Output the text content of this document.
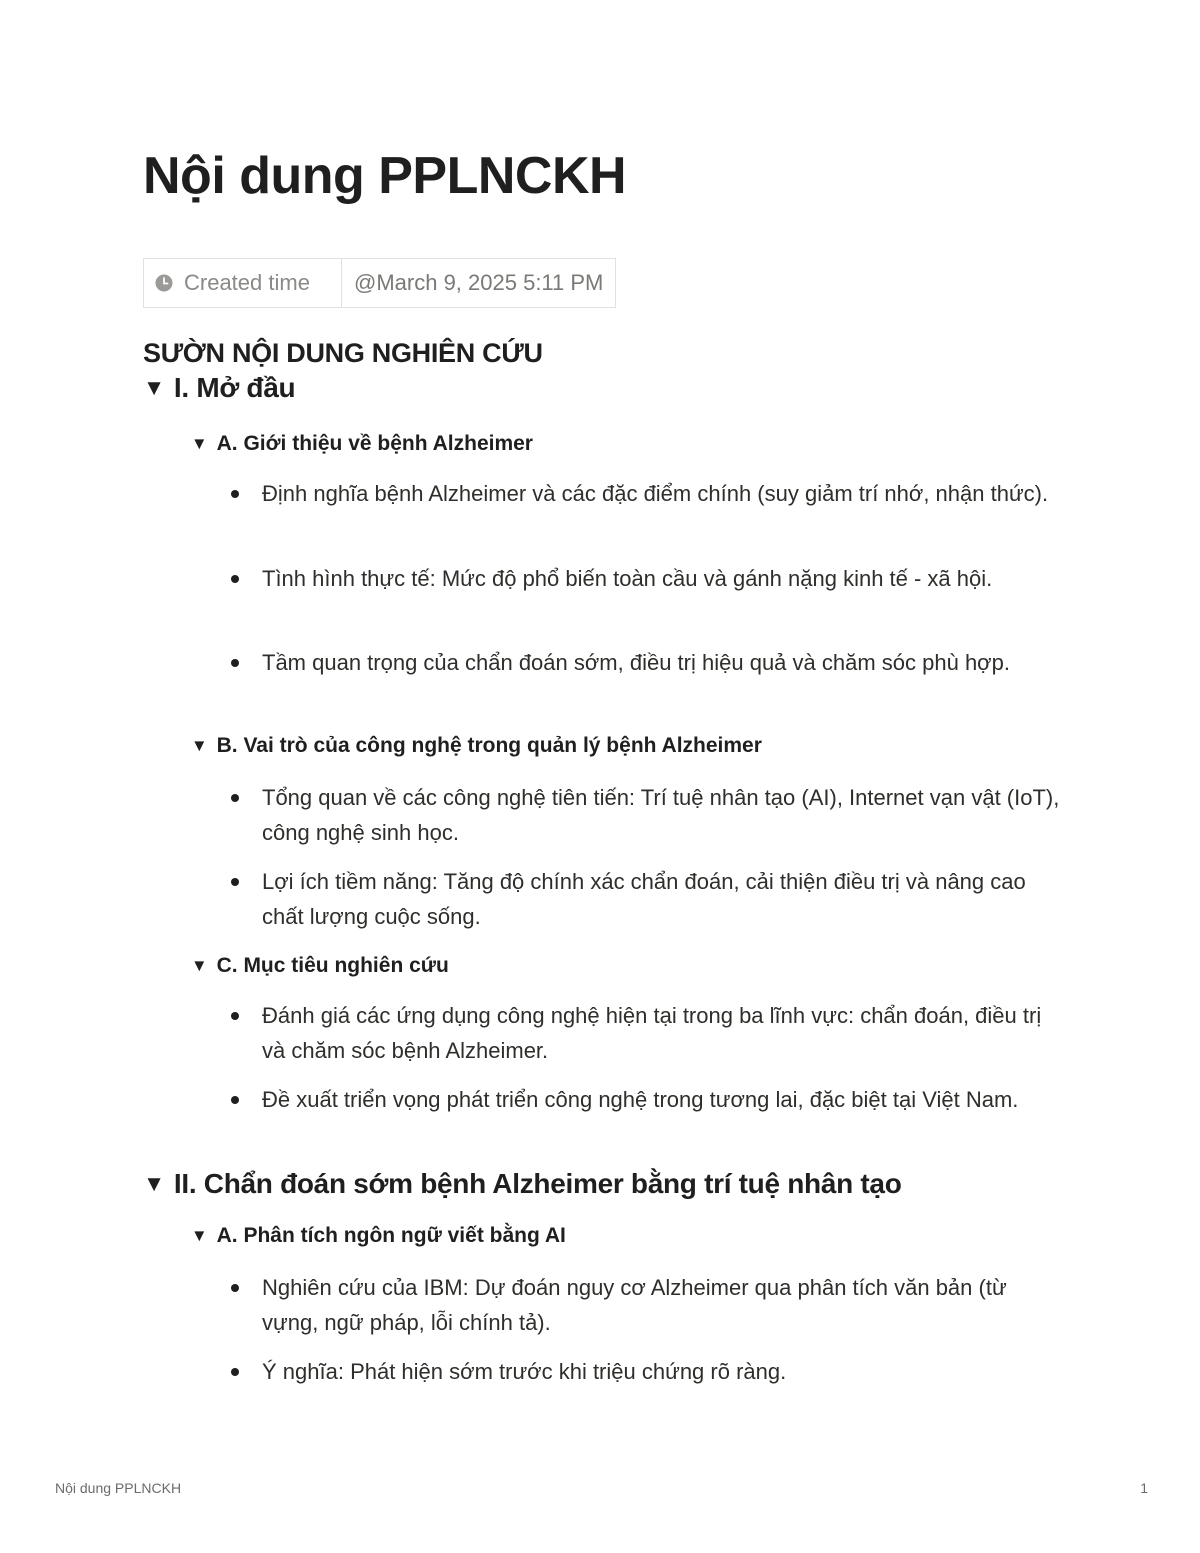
Nội dung PPLNCKH
Created time	@March 9, 2025 5:11 PM
SƯỜN NỘI DUNG NGHIÊN CỨU
▼ I. Mở đầu
▼ A. Giới thiệu về bệnh Alzheimer
Định nghĩa bệnh Alzheimer và các đặc điểm chính (suy giảm trí nhớ, nhận thức).
Tình hình thực tế: Mức độ phổ biến toàn cầu và gánh nặng kinh tế - xã hội.
Tầm quan trọng của chẩn đoán sớm, điều trị hiệu quả và chăm sóc phù hợp.
▼ B. Vai trò của công nghệ trong quản lý bệnh Alzheimer
Tổng quan về các công nghệ tiên tiến: Trí tuệ nhân tạo (AI), Internet vạn vật (IoT), công nghệ sinh học.
Lợi ích tiềm năng: Tăng độ chính xác chẩn đoán, cải thiện điều trị và nâng cao chất lượng cuộc sống.
▼ C. Mục tiêu nghiên cứu
Đánh giá các ứng dụng công nghệ hiện tại trong ba lĩnh vực: chẩn đoán, điều trị và chăm sóc bệnh Alzheimer.
Đề xuất triển vọng phát triển công nghệ trong tương lai, đặc biệt tại Việt Nam.
▼ II. Chẩn đoán sớm bệnh Alzheimer bằng trí tuệ nhân tạo
▼ A. Phân tích ngôn ngữ viết bằng AI
Nghiên cứu của IBM: Dự đoán nguy cơ Alzheimer qua phân tích văn bản (từ vựng, ngữ pháp, lỗi chính tả).
Ý nghĩa: Phát hiện sớm trước khi triệu chứng rõ ràng.
Nội dung PPLNCKH	1
